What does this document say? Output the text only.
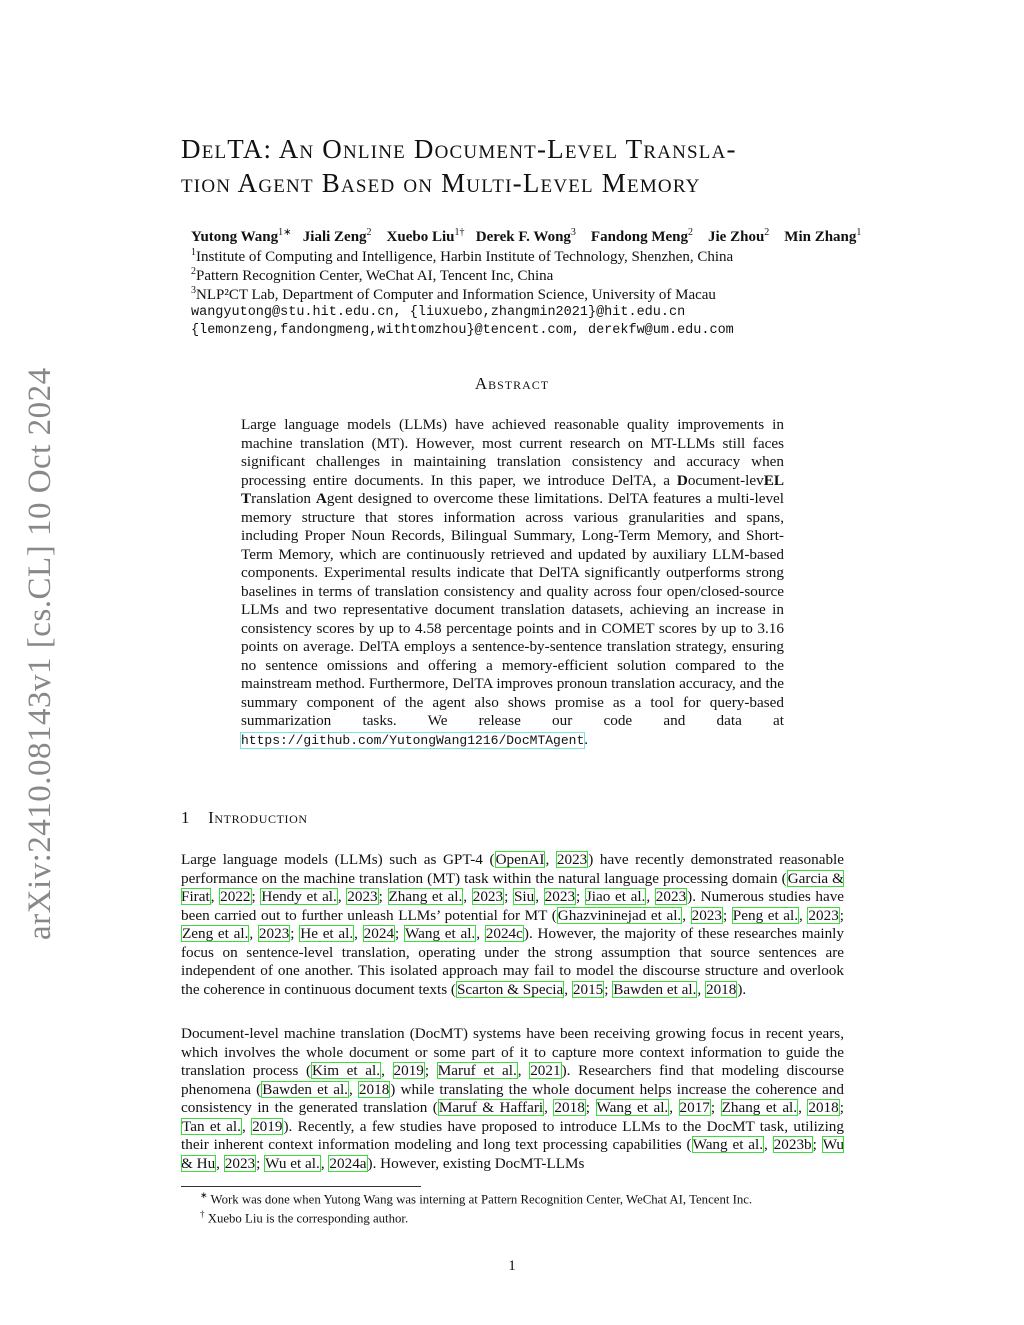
arXiv:2410.08143v1 [cs.CL] 10 Oct 2024
DelTA: An Online Document-Level Transla-
tion Agent Based on Multi-Level Memory
Yutong Wang$^{1∗}$ Jiali Zeng$^2$ Xuebo Liu$^{1\dagger}$ Derek F. Wong$^3$ Fandong Meng$^2$ Jie Zhou$^2$ Min Zhang$^1$
$^1$Institute of Computing and Intelligence, Harbin Institute of Technology, Shenzhen, China
$^2$Pattern Recognition Center, WeChat AI, Tencent Inc, China
$^3$NLP²CT Lab, Department of Computer and Information Science, University of Macau
wangyutong@stu.hit.edu.cn, {liuxuebo,zhangmin2021}@hit.edu.cn
{lemonzeng,fandongmeng,withtomzhou}@tencent.com, derekfw@um.edu.com
Abstract
Large language models (LLMs) have achieved reasonable quality improvements in machine translation (MT). However, most current research on MT-LLMs still faces significant challenges in maintaining translation consistency and accuracy when processing entire documents. In this paper, we introduce DelTA, a Document-levEL Translation Agent designed to overcome these limitations. DelTA features a multi-level memory structure that stores information across various granularities and spans, including Proper Noun Records, Bilingual Summary, Long-Term Memory, and Short-Term Memory, which are continuously retrieved and updated by auxiliary LLM-based components. Experimental results indicate that DelTA significantly outperforms strong baselines in terms of translation consistency and quality across four open/closed-source LLMs and two representative document translation datasets, achieving an increase in consistency scores by up to 4.58 percentage points and in COMET scores by up to 3.16 points on average. DelTA employs a sentence-by-sentence translation strategy, ensuring no sentence omissions and offering a memory-efficient solution compared to the mainstream method. Furthermore, DelTA improves pronoun translation accuracy, and the summary component of the agent also shows promise as a tool for query-based summarization tasks. We release our code and data at https://github.com/YutongWang1216/DocMTAgent.
1 Introduction
Large language models (LLMs) such as GPT-4 (OpenAI, 2023) have recently demonstrated reasonable performance on the machine translation (MT) task within the natural language processing domain (Garcia & Firat, 2022; Hendy et al., 2023; Zhang et al., 2023; Siu, 2023; Jiao et al., 2023). Numerous studies have been carried out to further unleash LLMs’ potential for MT (Ghazvininejad et al., 2023; Peng et al., 2023; Zeng et al., 2023; He et al., 2024; Wang et al., 2024c). However, the majority of these researches mainly focus on sentence-level translation, operating under the strong assumption that source sentences are independent of one another. This isolated approach may fail to model the discourse structure and overlook the coherence in continuous document texts (Scarton & Specia, 2015; Bawden et al., 2018).
Document-level machine translation (DocMT) systems have been receiving growing focus in recent years, which involves the whole document or some part of it to capture more context information to guide the translation process (Kim et al., 2019; Maruf et al., 2021). Researchers find that modeling discourse phenomena (Bawden et al., 2018) while translating the whole document helps increase the coherence and consistency in the generated translation (Maruf & Haffari, 2018; Wang et al., 2017; Zhang et al., 2018; Tan et al., 2019). Recently, a few studies have proposed to introduce LLMs to the DocMT task, utilizing their inherent context information modeling and long text processing capabilities (Wang et al., 2023b; Wu & Hu, 2023; Wu et al., 2024a). However, existing DocMT-LLMs
∗ Work was done when Yutong Wang was interning at Pattern Recognition Center, WeChat AI, Tencent Inc.
† Xuebo Liu is the corresponding author.
1
